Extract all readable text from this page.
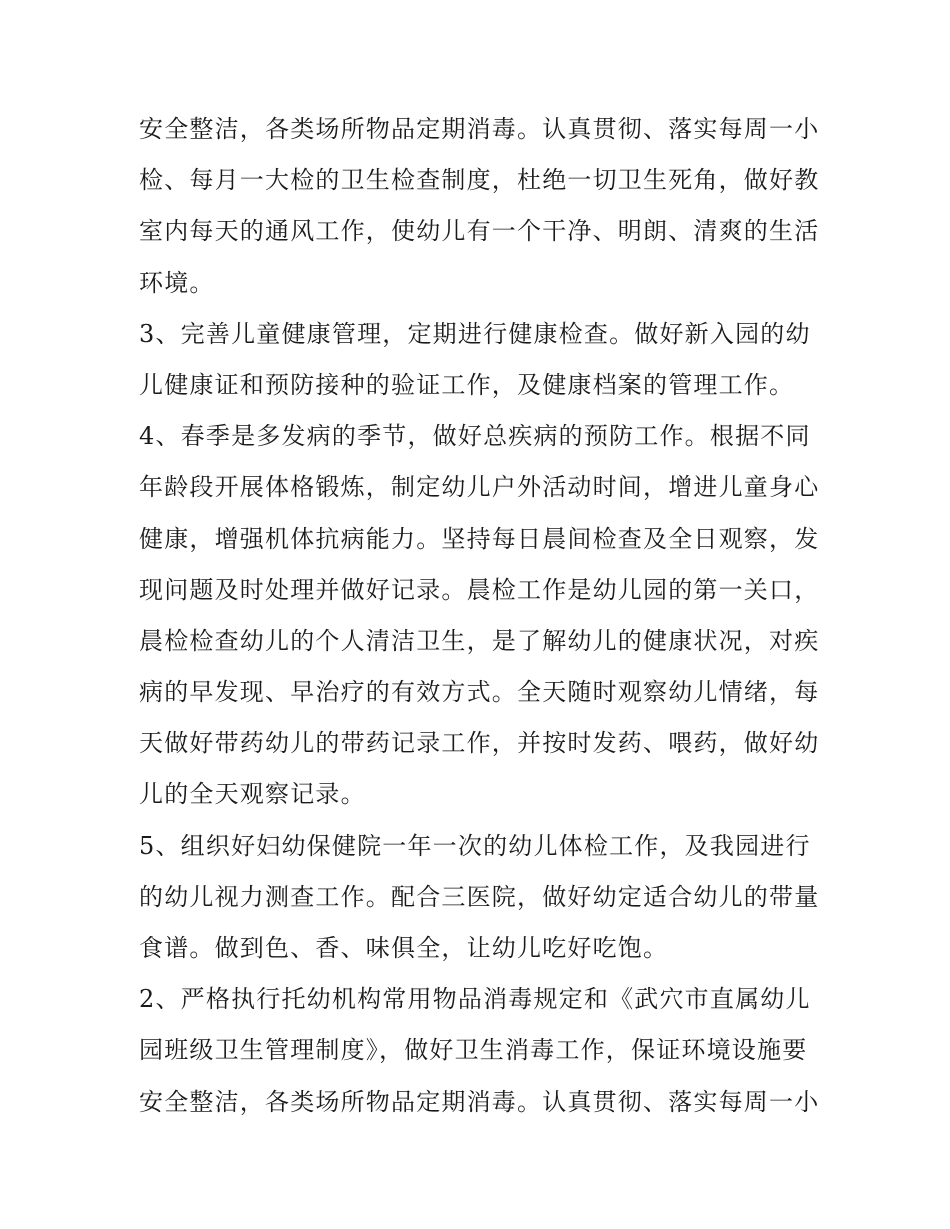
安全整洁，各类场所物品定期消毒。认真贯彻、落实每周一小
检、每月一大检的卫生检查制度，杜绝一切卫生死角，做好教
室内每天的通风工作，使幼儿有一个干净、明朗、清爽的生活
环境。
3、完善儿童健康管理，定期进行健康检查。做好新入园的幼
儿健康证和预防接种的验证工作，及健康档案的管理工作。
4、春季是多发病的季节，做好总疾病的预防工作。根据不同
年龄段开展体格锻炼，制定幼儿户外活动时间，增进儿童身心
健康，增强机体抗病能力。坚持每日晨间检查及全日观察，发
现问题及时处理并做好记录。晨检工作是幼儿园的第一关口，
晨检检查幼儿的个人清洁卫生，是了解幼儿的健康状况，对疾
病的早发现、早治疗的有效方式。全天随时观察幼儿情绪，每
天做好带药幼儿的带药记录工作，并按时发药、喂药，做好幼
儿的全天观察记录。
5、组织好妇幼保健院一年一次的幼儿体检工作，及我园进行
的幼儿视力测查工作。配合三医院，做好幼定适合幼儿的带量
食谱。做到色、香、味俱全，让幼儿吃好吃饱。
2、严格执行托幼机构常用物品消毒规定和《武穴市直属幼儿
园班级卫生管理制度》，做好卫生消毒工作，保证环境设施要
安全整洁，各类场所物品定期消毒。认真贯彻、落实每周一小
